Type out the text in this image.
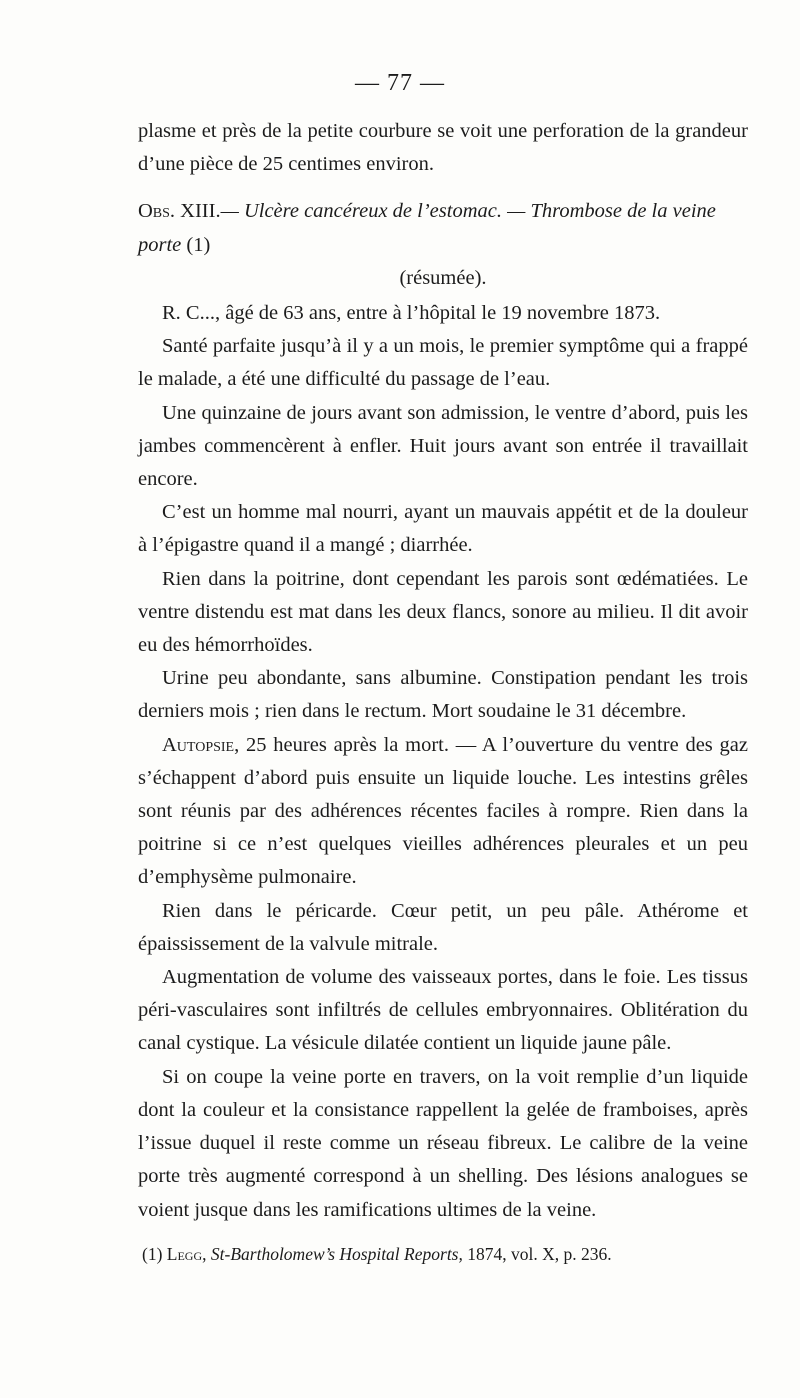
— 77 —

plasme et près de la petite courbure se voit une perforation de la grandeur d’une pièce de 25 centimes environ.

Obs. XIII.— Ulcère cancéreux de l’estomac. — Thrombose de la veine porte (1)
(résumée).

R. C..., âgé de 63 ans, entre à l’hôpital le 19 novembre 1873.

Santé parfaite jusqu’à il y a un mois, le premier symptôme qui a frappé le malade, a été une difficulté du passage de l’eau.

Une quinzaine de jours avant son admission, le ventre d’abord, puis les jambes commencèrent à enfler. Huit jours avant son entrée il travaillait encore.

C’est un homme mal nourri, ayant un mauvais appétit et de la douleur à l’épigastre quand il a mangé ; diarrhée.

Rien dans la poitrine, dont cependant les parois sont œdématiées. Le ventre distendu est mat dans les deux flancs, sonore au milieu. Il dit avoir eu des hémorrhoïdes.

Urine peu abondante, sans albumine. Constipation pendant les trois derniers mois ; rien dans le rectum. Mort soudaine le 31 décembre.

Autopsie, 25 heures après la mort. — A l’ouverture du ventre des gaz s’échappent d’abord puis ensuite un liquide louche. Les intestins grêles sont réunis par des adhérences récentes faciles à rompre. Rien dans la poitrine si ce n’est quelques vieilles adhérences pleurales et un peu d’emphysème pulmonaire.

Rien dans le péricarde. Cœur petit, un peu pâle. Athérome et épaississement de la valvule mitrale.

Augmentation de volume des vaisseaux portes, dans le foie. Les tissus péri-vasculaires sont infiltrés de cellules embryonnaires. Oblitération du canal cystique. La vésicule dilatée contient un liquide jaune pâle.

Si on coupe la veine porte en travers, on la voit remplie d’un liquide dont la couleur et la consistance rappellent la gelée de framboises, après l’issue duquel il reste comme un réseau fibreux. Le calibre de la veine porte très augmenté correspond à un shelling. Des lésions analogues se voient jusque dans les ramifications ultimes de la veine.

(1) Legg, St-Bartholomew’s Hospital Reports, 1874, vol. X, p. 236.
